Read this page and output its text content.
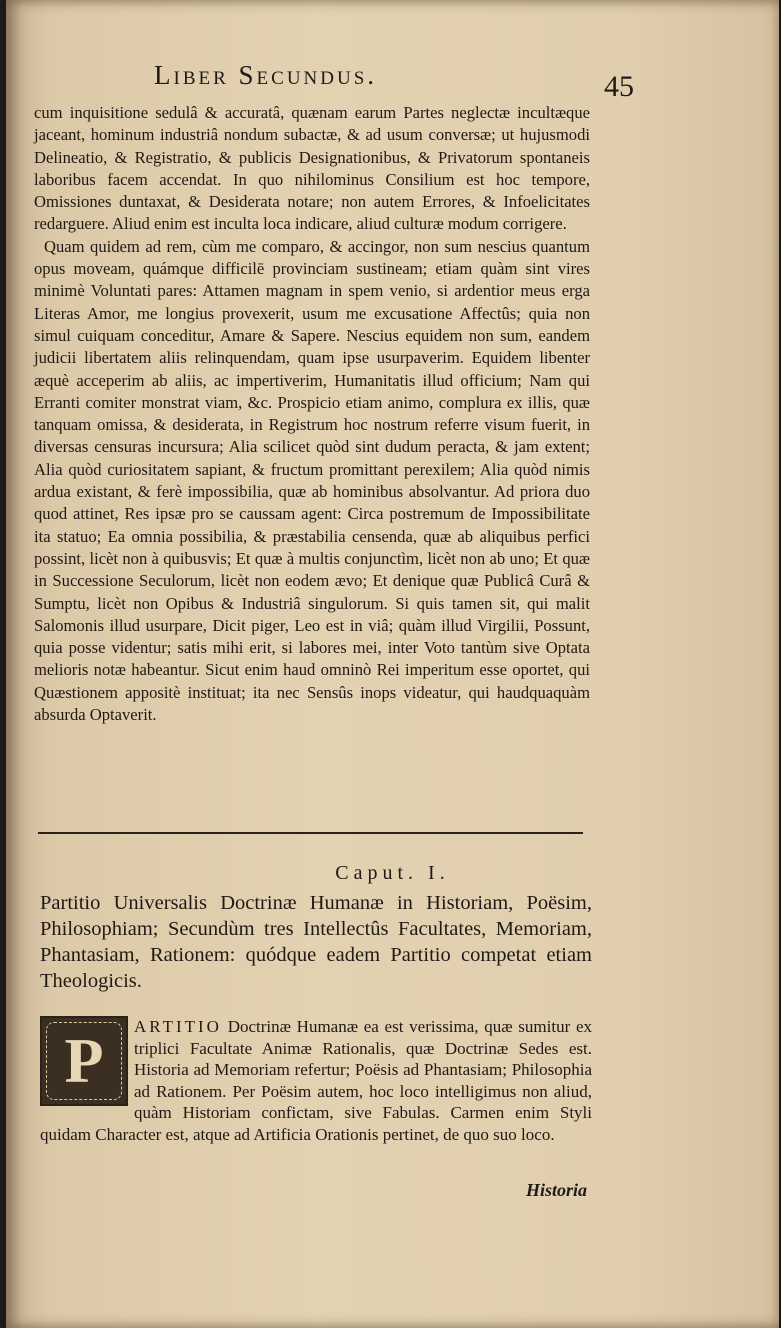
Liber Secundus.	45

cum inquisitione sedulâ & accuratâ, quænam earum Partes neglectæ incultæque jaceant, hominum industriâ nondum subactæ, & ad usum conversæ; ut hujusmodi Delineatio, & Registratio, & publicis Designationibus, & Privatorum spontaneis laboribus facem accendat. In quo nihilominus Consilium est hoc tempore, Omissiones duntaxat, & Desiderata notare; non autem Errores, & Infoelicitates redarguere. Aliud enim est inculta loca indicare, aliud culturæ modum corrigere.

Quam quidem ad rem, cùm me comparo, & accingor, non sum nescius quantum opus moveam, quámque difficilē provinciam sustineam; etiam quàm sint vires minimè Voluntati pares: Attamen magnam in spem venio, si ardentior meus erga Literas Amor, me longius provexerit, usum me excusatione Affectûs; quia non simul cuiquam conceditur, Amare & Sapere. Nescius equidem non sum, eandem judicii libertatem aliis relinquendam, quam ipse usurpaverim. Equidem libenter æquè acceperim ab aliis, ac impertiverim, Humanitatis illud officium; Nam qui Erranti comiter monstrat viam, &c. Prospicio etiam animo, complura ex illis, quæ tanquam omissa, & desiderata, in Registrum hoc nostrum referre visum fuerit, in diversas censuras incursura; Alia scilicet quòd sint dudum peracta, & jam extent; Alia quòd curiositatem sapiant, & fructum promittant perexilem; Alia quòd nimis ardua existant, & ferè impossibilia, quæ ab hominibus absolvantur. Ad priora duo quod attinet, Res ipsæ pro se caussam agent: Circa postremum de Impossibilitate ita statuo; Ea omnia possibilia, & præstabilia censenda, quæ ab aliquibus perfici possint, licèt non à quibusvis; Et quæ à multis conjunctìm, licèt non ab uno; Et quæ in Successione Seculorum, licèt non eodem ævo; Et denique quæ Publicâ Curâ & Sumptu, licèt non Opibus & Industriâ singulorum. Si quis tamen sit, qui malit Salomonis illud usurpare, Dicit piger, Leo est in viâ; quàm illud Virgilii, Possunt, quia posse videntur; satis mihi erit, si labores mei, inter Voto tantùm sive Optata melioris notæ habeantur. Sicut enim haud omninò Rei imperitum esse oportet, qui Quæstionem appositè instituat; ita nec Sensûs inops videatur, qui haudquaquàm absurda Optaverit.

Caput. I.

Partitio Universalis Doctrinæ Humanæ in Historiam, Poësim, Philosophiam; Secundùm tres Intellectûs Facultates, Memoriam, Phantasiam, Rationem: quódque eadem Partitio competat etiam Theologicis.

P	ARTITIO Doctrinæ Humanæ ea est verissima, quæ sumitur ex triplici Facultate Animæ Rationalis, quæ Doctrinæ Sedes est. Historia ad Memoriam refertur; Poësis ad Phantasiam; Philosophia ad Rationem. Per Poësim autem, hoc loco intelligimus non aliud, quàm Historiam confictam, sive Fabulas. Carmen enim Styli quidam Character est, atque ad Artificia Orationis pertinet, de quo suo loco.

Historia
